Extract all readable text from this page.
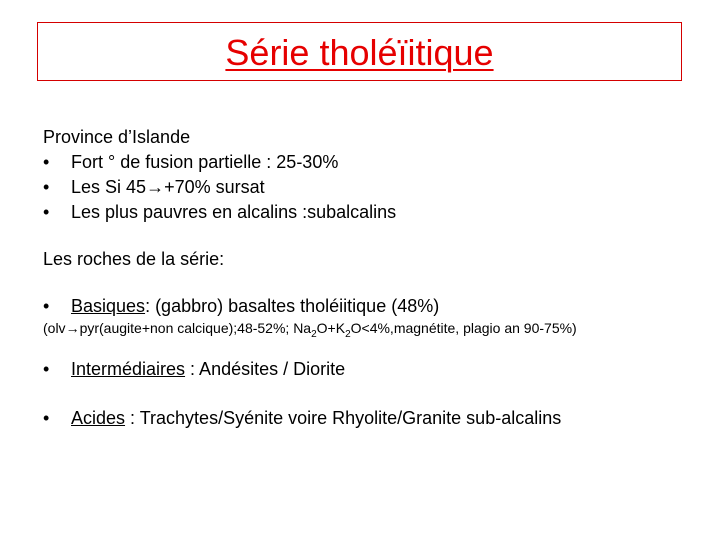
Série tholéïitique
Province d’Islande
• Fort ° de fusion partielle : 25-30%
• Les Si 45→+70% sursat
• Les plus pauvres en alcalins :subalcalins
Les roches de la série:
• Basiques: (gabbro) basaltes tholéiitique (48%)
(olv→pyr(augite+non calcique);48-52%; $Na_2O+K_2O<4\%,magnétite$, plagio an 90-75%)
• Intermédiaires : Andésites / Diorite
• Acides : Trachytes/Syénite voire Rhyolite/Granite sub-alcalins
